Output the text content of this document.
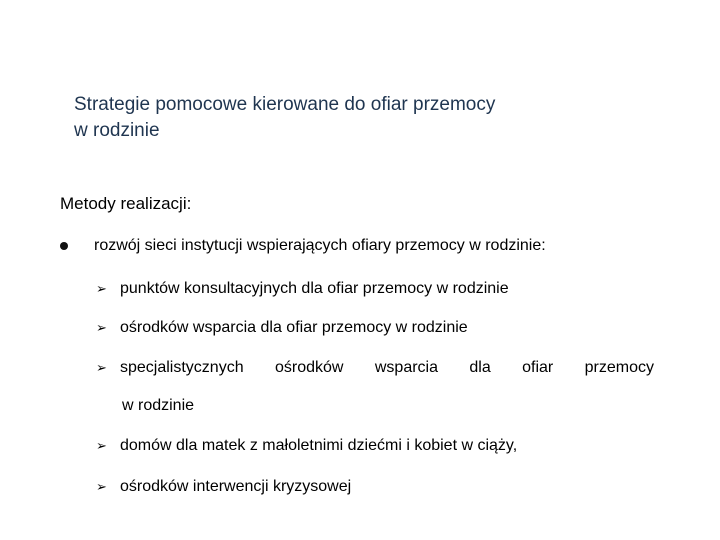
Strategie pomocowe kierowane do ofiar przemocy
w rodzinie
Metody realizacji:
rozwój sieci instytucji wspierających ofiary przemocy w rodzinie:
➢ punktów konsultacyjnych dla ofiar przemocy w rodzinie
➢ ośrodków wsparcia dla ofiar przemocy w rodzinie
➢ specjalistycznych ośrodków wsparcia dla ofiar przemocy
w rodzinie
➢ domów dla matek z małoletnimi dziećmi i kobiet w ciąży,
➢ ośrodków interwencji kryzysowej
